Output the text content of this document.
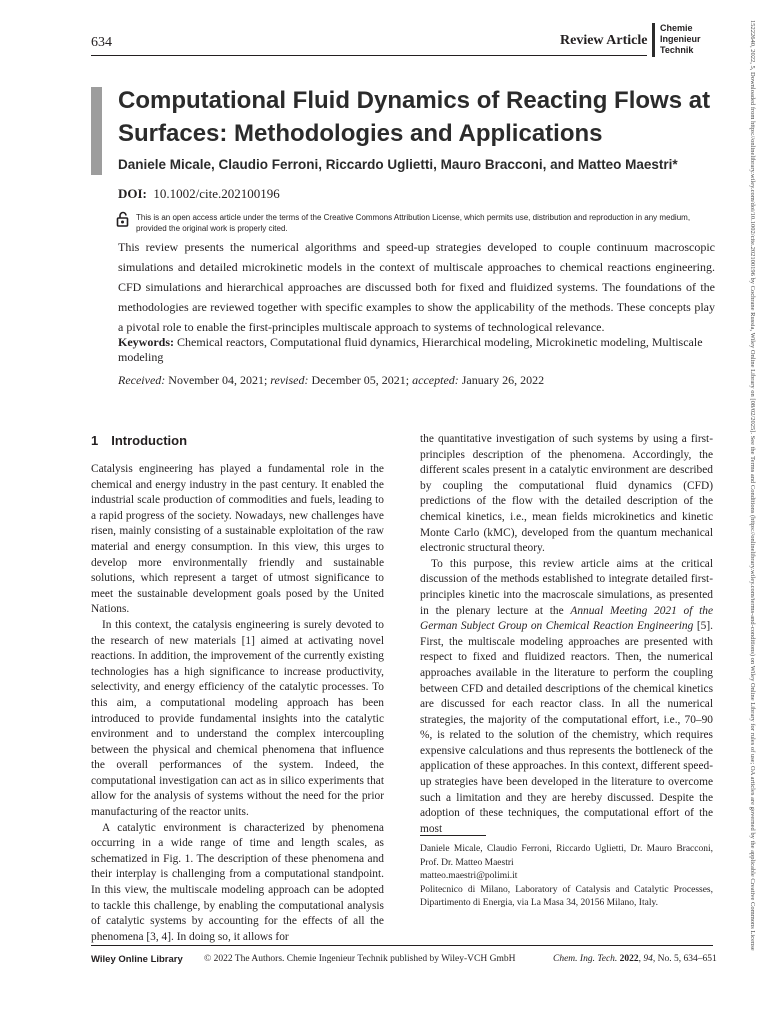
634	Review Article
Chemie
Ingenieur
Technik	15222640, 2022, 5, Downloaded from https://onlinelibrary.wiley.com/doi/10.1002/cite.202100196 by Cochrane Russia, Wiley Online Library on [08/02/2025]. See the Terms and Conditions (https://onlinelibrary.wiley.com/terms-and-conditions) on Wiley Online Library for rules of use; OA articles are governed by the applicable Creative Commons License
Computational Fluid Dynamics of Reacting Flows at Surfaces: Methodologies and Applications
Daniele Micale, Claudio Ferroni, Riccardo Uglietti, Mauro Bracconi, and Matteo Maestri*
DOI: 10.1002/cite.202100196
This is an open access article under the terms of the Creative Commons Attribution License, which permits use, distribution and reproduction in any medium, provided the original work is properly cited.
This review presents the numerical algorithms and speed-up strategies developed to couple continuum macroscopic simulations and detailed microkinetic models in the context of multiscale approaches to chemical reactions engineering. CFD simulations and hierarchical approaches are discussed both for fixed and fluidized systems. The foundations of the methodologies are reviewed together with specific examples to show the applicability of the methods. These concepts play a pivotal role to enable the first-principles multiscale approach to systems of technological relevance.
Keywords: Chemical reactors, Computational fluid dynamics, Hierarchical modeling, Microkinetic modeling, Multiscale modeling
Received: November 04, 2021; revised: December 05, 2021; accepted: January 26, 2022
1 Introduction

Catalysis engineering has played a fundamental role in the chemical and energy industry in the past century. It enabled the industrial scale production of commodities and fuels, leading to a rapid progress of the society. Nowadays, new challenges have risen, mainly consisting of a sustainable exploitation of the raw material and energy consumption. In this view, this urges to develop more environmentally friendly and sustainable solutions, which represent a target of utmost significance to meet the sustainable development goals posed by the United Nations.

In this context, the catalysis engineering is surely devoted to the research of new materials [1] aimed at activating novel reactions. In addition, the improvement of the currently existing technologies has a high significance to increase productivity, selectivity, and energy efficiency of the catalytic processes. To this aim, a computational modeling approach has been introduced to provide fundamental insights into the catalytic environment and to understand the complex intercoupling between the physical and chemical phenomena that influence the overall performances of the system. Indeed, the computational investigation can act as in silico experiments that allow for the analysis of systems without the need for the prior manufacturing of the reactor units.

A catalytic environment is characterized by phenomena occurring in a wide range of time and length scales, as schematized in Fig. 1. The description of these phenomena and their interplay is challenging from a computational standpoint. In this view, the multiscale modeling approach can be adopted to tackle this challenge, by enabling the computational analysis of catalytic systems by accounting for the effects of all the phenomena [3, 4]. In doing so, it allows for

the quantitative investigation of such systems by using a first-principles description of the phenomena. Accordingly, the different scales present in a catalytic environment are described by coupling the computational fluid dynamics (CFD) predictions of the flow with the detailed description of the chemical kinetics, i.e., mean fields microkinetics and kinetic Monte Carlo (kMC), developed from the quantum mechanical electronic structural theory.

To this purpose, this review article aims at the critical discussion of the methods established to integrate detailed first-principles kinetic into the macroscale simulations, as presented in the plenary lecture at the Annual Meeting 2021 of the German Subject Group on Chemical Reaction Engineering [5]. First, the multiscale modeling approaches are presented with respect to fixed and fluidized reactors. Then, the numerical approaches available in the literature to perform the coupling between CFD and detailed descriptions of the chemical kinetics are discussed for each reactor class. In all the numerical strategies, the majority of the computational effort, i.e., 70–90 %, is related to the solution of the chemistry, which requires expensive calculations and thus represents the bottleneck of the application of these approaches. In this context, different speed-up strategies have been developed in the literature to overcome such a limitation and they are hereby discussed. Despite the adoption of these techniques, the computational effort of the most

Daniele Micale, Claudio Ferroni, Riccardo Uglietti, Dr. Mauro Bracconi, Prof. Dr. Matteo Maestri

matteo.maestri@polimi.it

Politecnico di Milano, Laboratory of Catalysis and Catalytic Processes, Dipartimento di Energia, via La Masa 34, 20156 Milano, Italy.

Wiley Online Library © 2022 The Authors. Chemie Ingenieur Technik published by Wiley-VCH GmbH	Chem. Ing. Tech. 2022, 94, No. 5, 634–651
